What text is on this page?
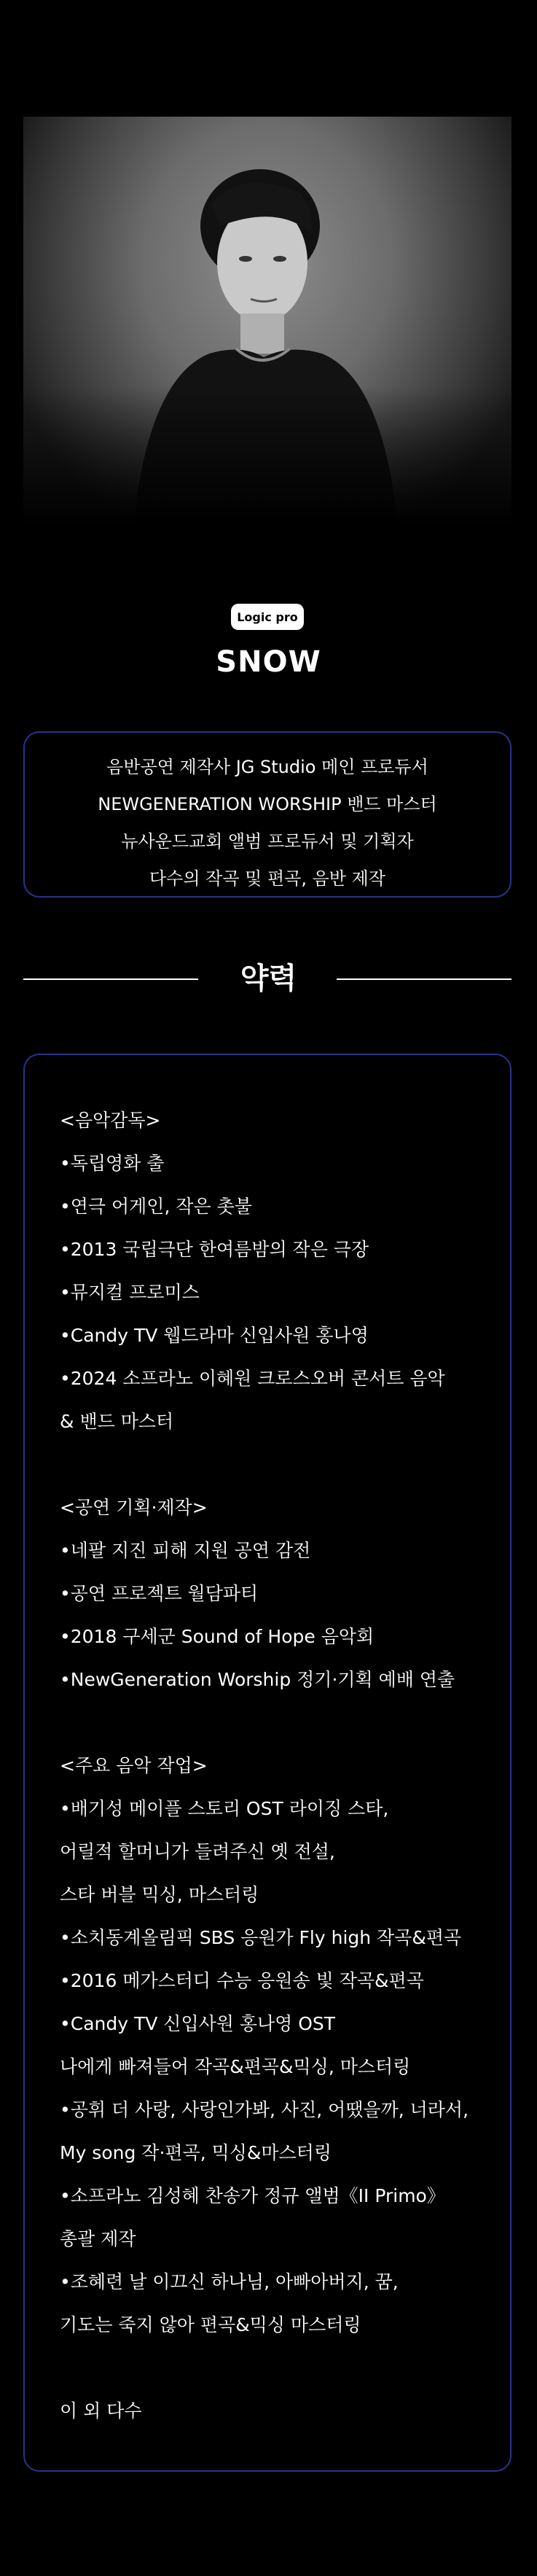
Logic pro
SNOW
음반공연 제작사 JG Studio 메인 프로듀서
NEWGENERATION WORSHIP 밴드 마스터
뉴사운드교회 앨범 프로듀서 및 기획자
다수의 작곡 및 편곡, 음반 제작
약력
<음악감독>
•독립영화 출
•연극 어게인, 작은 촛불
•2013 국립극단 한여름밤의 작은 극장
•뮤지컬 프로미스
•Candy TV 웹드라마 신입사원 홍나영
•2024 소프라노 이혜원 크로스오버 콘서트 음악
& 밴드 마스터
<공연 기획·제작>
•네팔 지진 피해 지원 공연 감전
•공연 프로젝트 월담파티
•2018 구세군 Sound of Hope 음악회
•NewGeneration Worship 정기·기획 예배 연출
<주요 음악 작업>
•배기성 메이플 스토리 OST 라이징 스타,
어릴적 할머니가 들려주신 옛 전설,
스타 버블 믹싱, 마스터링
•소치동계올림픽 SBS 응원가 Fly high 작곡&편곡
•2016 메가스터디 수능 응원송 빛 작곡&편곡
•Candy TV 신입사원 홍나영 OST
나에게 빠져들어 작곡&편곡&믹싱, 마스터링
•공휘 더 사랑, 사랑인가봐, 사진, 어땠을까, 너라서,
My song 작·편곡, 믹싱&마스터링
•소프라노 김성혜 찬송가 정규 앨범《II Primo》
총괄 제작
•조혜련 날 이끄신 하나님, 아빠아버지, 꿈,
기도는 죽지 않아 편곡&믹싱 마스터링
이 외 다수
